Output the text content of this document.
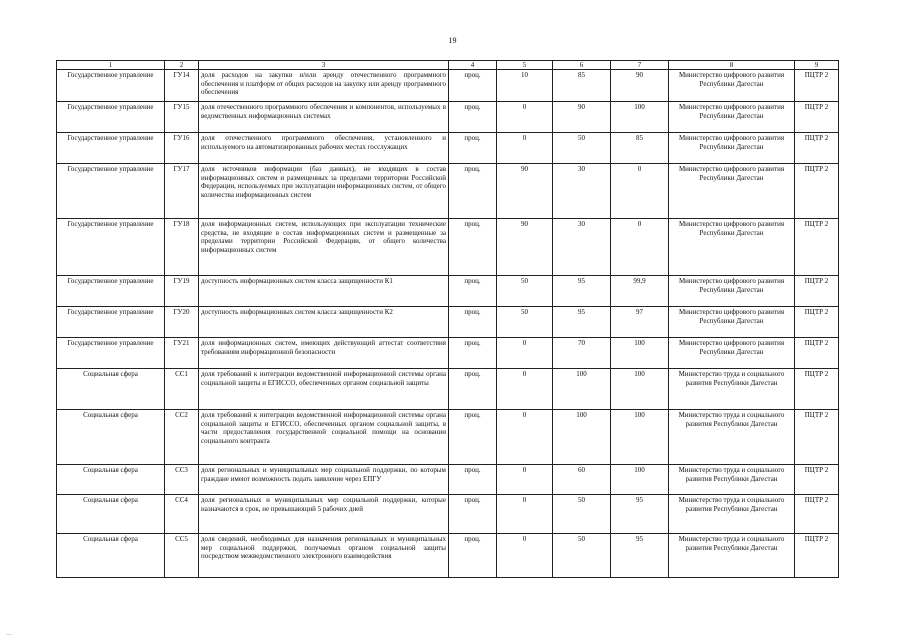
19
1	2	3	4	5	6	7	8	9
Государственное управление	ГУ14	доля расходов на закупки и/или аренду отечественного программного обеспечения и платформ от общих расходов на закупку или аренду программного обеспечения	проц.	10	85	90	Министерство цифрового развития Республики Дагестан	ПЦТР 2
Государственное управление	ГУ15	доля отечественного программного обеспечения и компонентов, используемых в ведомственных информационных системах	проц.	0	90	100	Министерство цифрового развития Республики Дагестан	ПЦТР 2
Государственное управление	ГУ16	доля отечественного программного обеспечения, установленного и используемого на автоматизированных рабочих местах госслужащих	проц.	0	50	85	Министерство цифрового развития Республики Дагестан	ПЦТР 2
Государственное управление	ГУ17	доля источников информации (баз данных), не входящих в состав информационных систем и размещенных за пределами территории Российской Федерации, используемых при эксплуатации информационных систем, от общего количества информационных систем	проц.	90	30	0	Министерство цифрового развития Республики Дагестан	ПЦТР 2
Государственное управление	ГУ18	доля информационных систем, использующих при эксплуатации технические средства, не входящие в состав информационных систем и размещенные за пределами территории Российской Федерации, от общего количества информационных систем	проц.	90	30	0	Министерство цифрового развития Республики Дагестан	ПЦТР 2
Государственное управление	ГУ19	доступность информационных систем класса защищенности К1	проц.	50	95	99,9	Министерство цифрового развития Республики Дагестан	ПЦТР 2
Государственное управление	ГУ20	доступность информационных систем класса защищенности К2	проц.	50	95	97	Министерство цифрового развития Республики Дагестан	ПЦТР 2
Государственное управление	ГУ21	доля информационных систем, имеющих действующий аттестат соответствия требованиям информационной безопасности	проц.	0	70	100	Министерство цифрового развития Республики Дагестан	ПЦТР 2
Социальная сфера	СС1	доля требований к интеграции ведомственной информационной системы органа социальной защиты и ЕГИССО, обеспеченных органом социальной защиты	проц.	0	100	100	Министерство труда и социального развития Республики Дагестан	ПЦТР 2
Социальная сфера	СС2	доля требований к интеграции ведомственной информационной системы органа социальной защиты и ЕГИССО, обеспеченных органом социальной защиты, в части предоставления государственной социальной помощи на основании социального контракта	проц.	0	100	100	Министерство труда и социального развития Республики Дагестан	ПЦТР 2
Социальная сфера	СС3	доля региональных и муниципальных мер социальной поддержки, по которым граждане имеют возможность подать заявление через ЕПГУ	проц.	0	60	100	Министерство труда и социального развития Республики Дагестан	ПЦТР 2
Социальная сфера	СС4	доля региональных и муниципальных мер социальной поддержки, которые назначаются в срок, не превышающий 5 рабочих дней	проц.	0	50	95	Министерство труда и социального развития Республики Дагестан	ПЦТР 2
Социальная сфера	СС5	доля сведений, необходимых для назначения региональных и муниципальных мер социальной поддержки, получаемых органом социальной защиты посредством межведомственного электронного взаимодействия	проц.	0	50	95	Министерство труда и социального развития Республики Дагестан	ПЦТР 2
—
